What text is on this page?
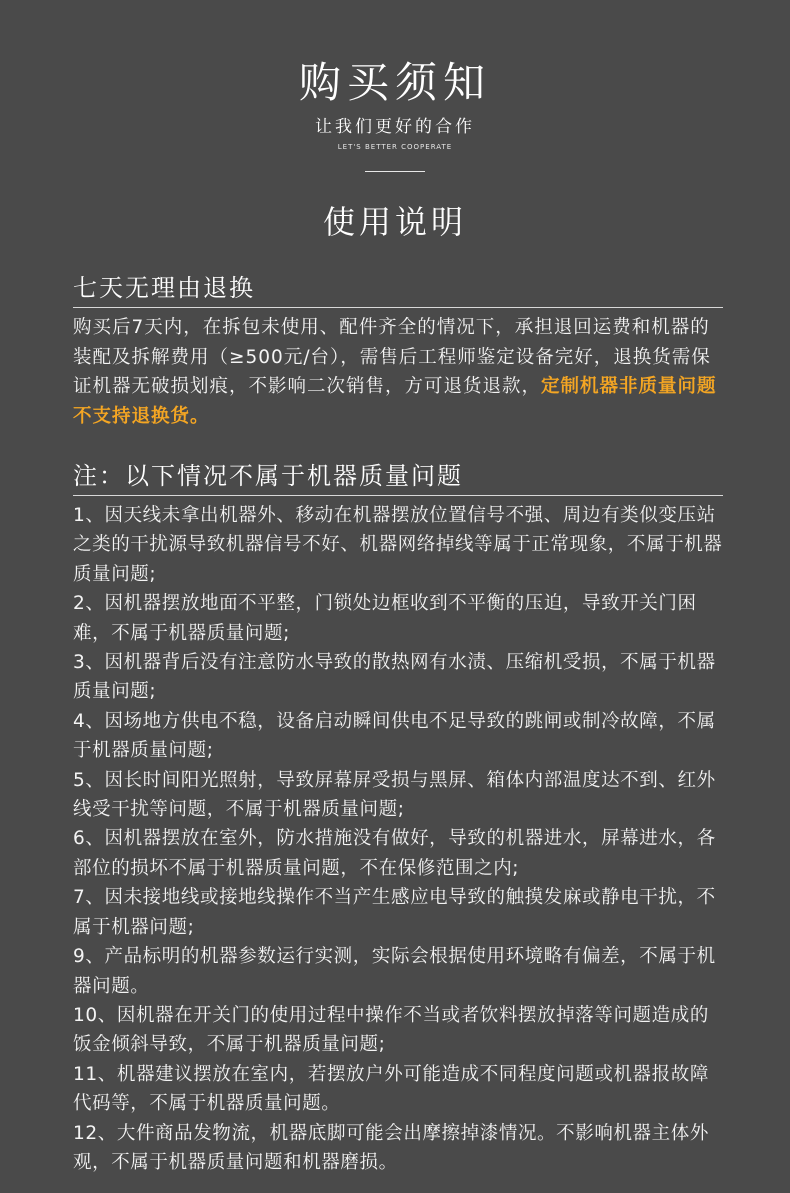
购买须知
让我们更好的合作
LET'S BETTER COOPERATE
使用说明
七天无理由退换

购买后7天内，在拆包未使用、配件齐全的情况下，承担退回运费和机器的装配及拆解费用（≥500元/台），需售后工程师鉴定设备完好，退换货需保证机器无破损划痕，不影响二次销售，方可退货退款，定制机器非质量问题不支持退换货。

注：以下情况不属于机器质量问题
1、因天线未拿出机器外、移动在机器摆放位置信号不强、周边有类似变压站之类的干扰源导致机器信号不好、机器网络掉线等属于正常现象，不属于机器质量问题;
2、因机器摆放地面不平整，门锁处边框收到不平衡的压迫，导致开关门困难，不属于机器质量问题;
3、因机器背后没有注意防水导致的散热网有水渍、压缩机受损，不属于机器质量问题;
4、因场地方供电不稳，设备启动瞬间供电不足导致的跳闸或制冷故障，不属于机器质量问题;
5、因长时间阳光照射，导致屏幕屏受损与黑屏、箱体内部温度达不到、红外线受干扰等问题，不属于机器质量问题;
6、因机器摆放在室外，防水措施没有做好，导致的机器进水，屏幕进水，各部位的损坏不属于机器质量问题，不在保修范围之内;
7、因未接地线或接地线操作不当产生感应电导致的触摸发麻或静电干扰，不属于机器问题;
9、产品标明的机器参数运行实测，实际会根据使用环境略有偏差，不属于机器问题。
10、因机器在开关门的使用过程中操作不当或者饮料摆放掉落等问题造成的饭金倾斜导致，不属于机器质量问题;
11、机器建议摆放在室内，若摆放户外可能造成不同程度问题或机器报故障代码等，不属于机器质量问题。
12、大件商品发物流，机器底脚可能会出摩擦掉漆情况。不影响机器主体外观，不属于机器质量问题和机器磨损。
